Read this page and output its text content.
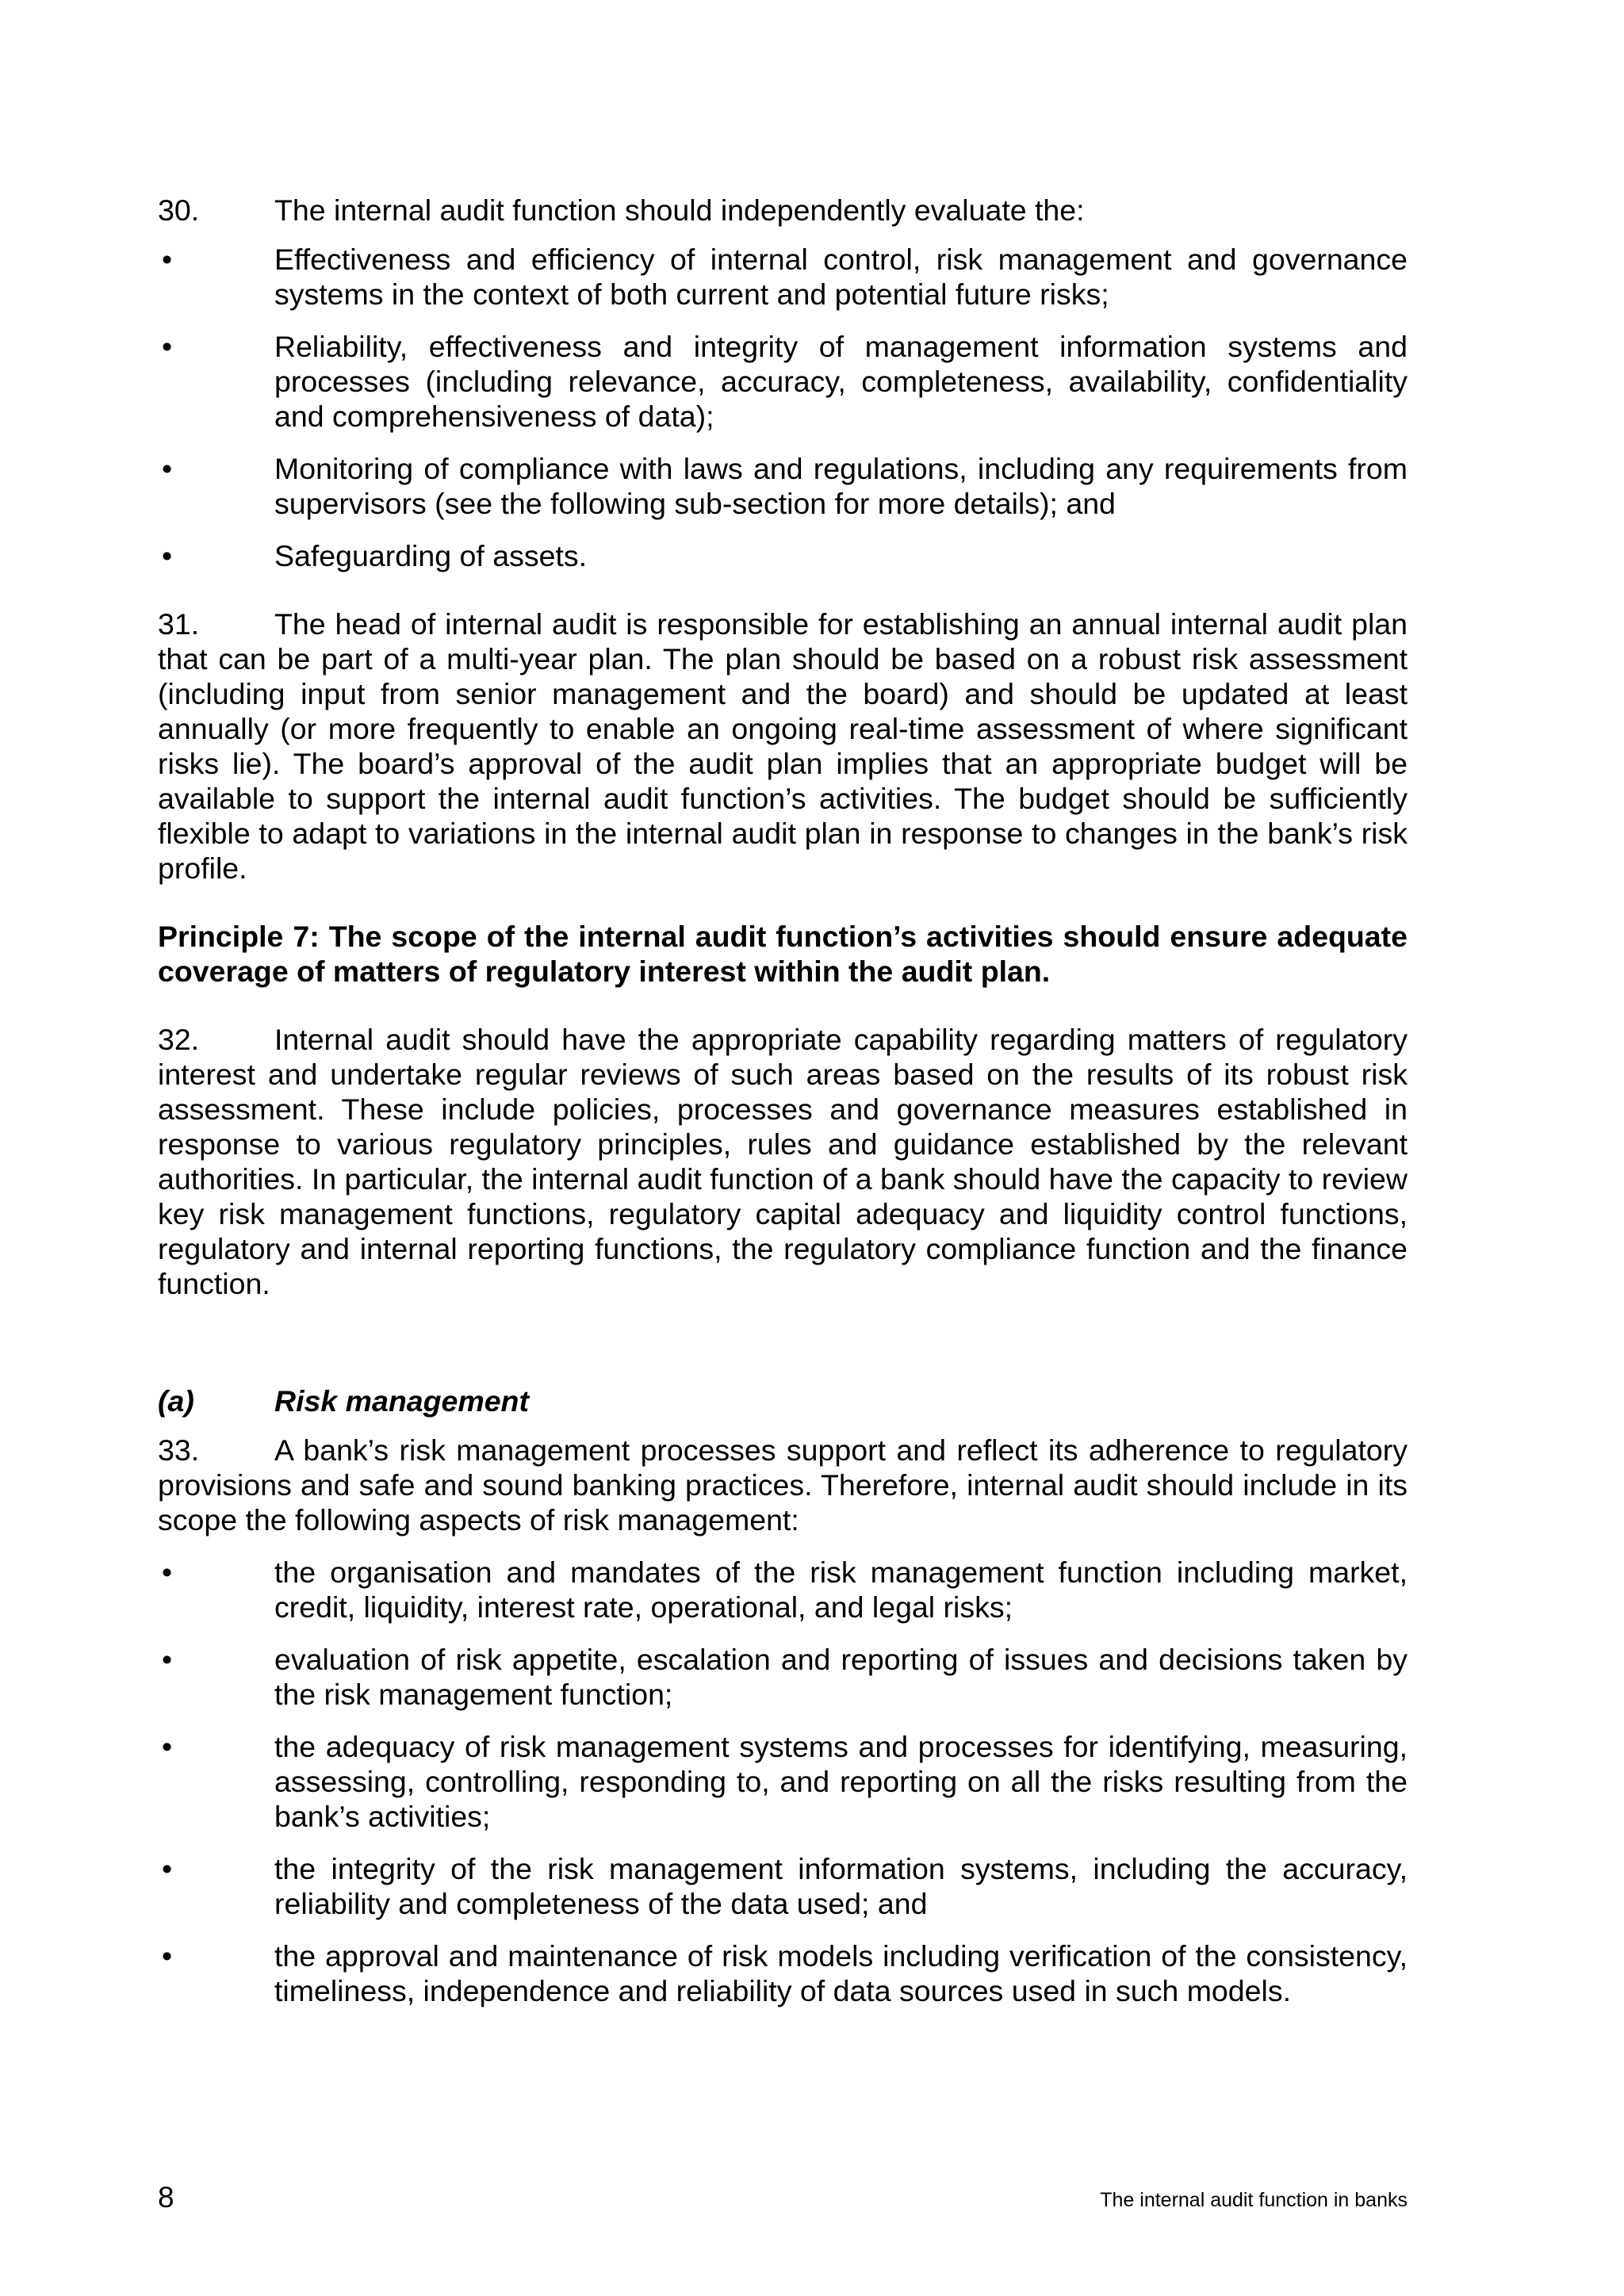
30.	The internal audit function should independently evaluate the:
•	Effectiveness and efficiency of internal control, risk management and governance systems in the context of both current and potential future risks;
•	Reliability, effectiveness and integrity of management information systems and processes (including relevance, accuracy, completeness, availability, confidentiality and comprehensiveness of data);
•	Monitoring of compliance with laws and regulations, including any requirements from supervisors (see the following sub-section for more details); and
•	Safeguarding of assets.

31.	The head of internal audit is responsible for establishing an annual internal audit plan that can be part of a multi-year plan. The plan should be based on a robust risk assessment (including input from senior management and the board) and should be updated at least annually (or more frequently to enable an ongoing real-time assessment of where significant risks lie). The board’s approval of the audit plan implies that an appropriate budget will be available to support the internal audit function’s activities. The budget should be sufficiently flexible to adapt to variations in the internal audit plan in response to changes in the bank’s risk profile.

Principle 7: The scope of the internal audit function’s activities should ensure adequate coverage of matters of regulatory interest within the audit plan.

32.	Internal audit should have the appropriate capability regarding matters of regulatory interest and undertake regular reviews of such areas based on the results of its robust risk assessment. These include policies, processes and governance measures established in response to various regulatory principles, rules and guidance established by the relevant authorities. In particular, the internal audit function of a bank should have the capacity to review key risk management functions, regulatory capital adequacy and liquidity control functions, regulatory and internal reporting functions, the regulatory compliance function and the finance function.

(a)	Risk management

33.	A bank’s risk management processes support and reflect its adherence to regulatory provisions and safe and sound banking practices. Therefore, internal audit should include in its scope the following aspects of risk management:

•	the organisation and mandates of the risk management function including market, credit, liquidity, interest rate, operational, and legal risks;
•	evaluation of risk appetite, escalation and reporting of issues and decisions taken by the risk management function;
•	the adequacy of risk management systems and processes for identifying, measuring, assessing, controlling, responding to, and reporting on all the risks resulting from the bank’s activities;
•	the integrity of the risk management information systems, including the accuracy, reliability and completeness of the data used; and
•	the approval and maintenance of risk models including verification of the consistency, timeliness, independence and reliability of data sources used in such models.
8	The internal audit function in banks
